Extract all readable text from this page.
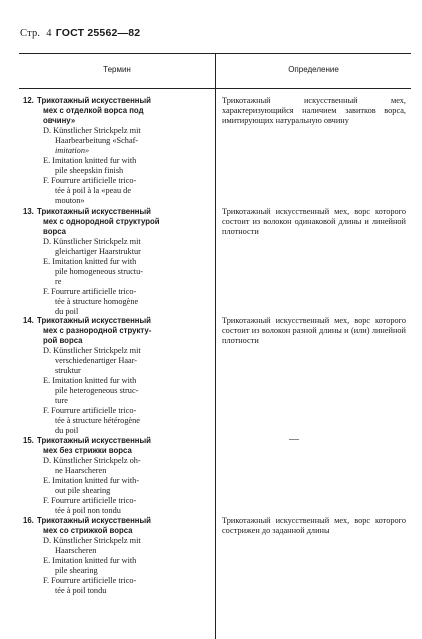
Стр. 4 ГОСТ 25562—82
Термин	Определение
12. Трикотажный искусственный
мех с отделкой ворса под
овчину»
D. Künstlicher Strickpelz mit
Haarbearbeitung «Schaf-
imitation»
E. Imitation knitted fur with
pile sheepskin finish
F. Fourrure artificielle trico-
tée à poil à la «peau de
mouton»
Трикотажный искусственный мех, характеризующийся наличием завитков ворса, имитирующих натуральную овчину
13. Трикотажный искусственный
мех с однородной структурой
ворса
D. Künstlicher Strickpelz mit
gleichartiger Haarstruktur
E. Imitation knitted fur with
pile homogeneous structu-
re
F. Fourrure artificielle trico-
tée à structure homogène
du poil
Трикотажный искусственный мех, ворс которого состоит из волокон одинаковой длины и линейной плотности
14. Трикотажный искусственный
мех с разнородной структу-
рой ворса
D. Künstlicher Strickpelz mit
verschiedenartiger Haar-
struktur
E. Imitation knitted fur with
pile heterogeneous struc-
ture
F. Fourrure artificielle trico-
tée à structure hétérogène
du poil
Трикотажный искусственный мех, ворс которого состоит из волокон разной длины и (или) линейной плотности
15. Трикотажный искусственный
мех без стрижки ворса
D. Künstlicher Strickpelz oh-
ne Haarscheren
E. Imitation knitted fur with-
out pile shearing
F. Fourrure artificielle trico-
tée à poil non tondu
—
16. Трикотажный искусственный
мех со стрижкой ворса
D. Künstlicher Strickpelz mit
Haarscheren
E. Imitation knitted fur with
pile shearing
F. Fourrure artificielle trico-
tée à poil tondu
Трикотажный искусственный мех, ворс которого сострижен до заданной длины
